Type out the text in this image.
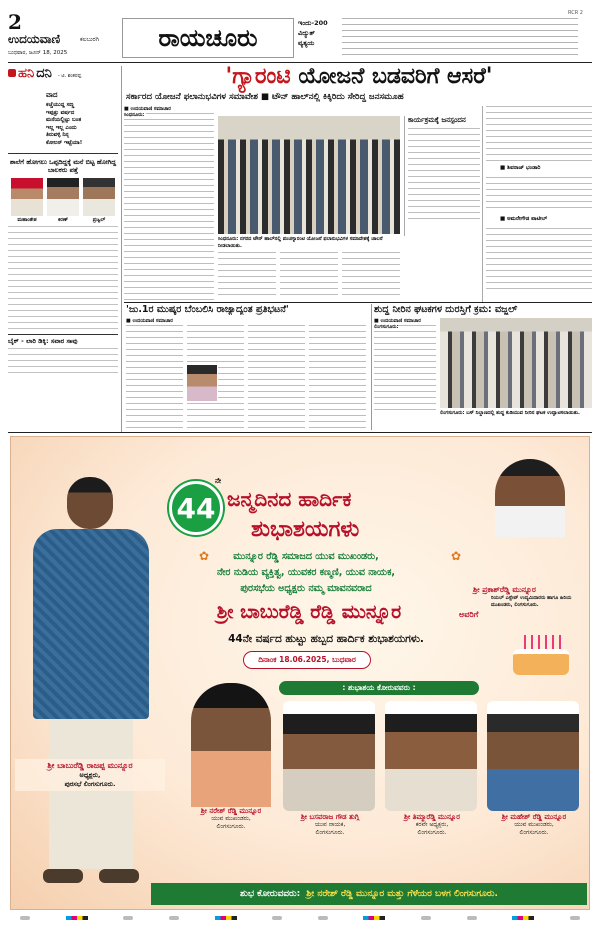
2
ಉದಯವಾಣಿ	ಕಲಬುರಗಿ
ಬುಧವಾರ, ಜೂನ್ 18, 2025
ರಾಯಚೂರು
ಇಂದು-200
ವಿದ್ಯುತ್
ವ್ಯತ್ಯಯ
RCR 2
ಹನಿ ದನಿ - ಟಿ. ಶಂಕರಪ್ಪ
ವಾದ
ಕಚ್ಚೆಯುದ್ದ ಸಣ್ಣ
ಇಪ್ಪತ್ತು ವರ್ಷದ
ಮನೆಯಲ್ಲಿಟ್ಟು ಬಂತ
ಇಲ್ಲ ಇಲ್ಲ ಎಂದು
ತಿರುವಳ್ಳಿ ನಿನ್ನ
ಕೋಲನ್ ಇಟ್ಟೆಯಾ!
ಶಾಲೆಗೆ ಹೋಗಲು ಒಪ್ಪದಿದ್ದಕ್ಕೆ ಮನೆ ಬಿಟ್ಟ ಹೋಗಿದ್ದ ಬಾಲಕರು ಪತ್ತೆ
ಮಹಾಂತೇಶ	ಕಿರಣ್	ಪ್ರಜ್ವಲ್
ಬೈಕ್ - ಲಾರಿ ಡಿಕ್ಕಿ: ಸವಾರ ಸಾವು
'ಗ್ಯಾರಂಟಿ ಯೋಜನೆ ಬಡವರಿಗೆ ಆಸರೆ'
ಸರ್ಕಾರದ ಯೋಜನೆ ಫಲಾನುಭವಿಗಳ ಸಮಾವೇಶ ■ ಟೌನ್ ಹಾಲ್‌ನಲ್ಲಿ ಕಿಕ್ಕಿರಿದು ಸೇರಿದ್ದ ಜನಸಮೂಹ
■ ಉದಯವಾಣಿ ಸಮಾಚಾರ
ಸಿಂಧನೂರು:
ಸಿಂಧನೂರು: ನಗರದ ಟೌನ್ ಹಾಲ್‌ನಲ್ಲಿ ಪಂಚಗ್ಯಾರಂಟಿ ಯೋಜನೆ ಫಲಾನುಭವಿಗಳ ಸಮಾವೇಶಕ್ಕೆ ಚಾಲನೆ ನೀಡಲಾಯಿತು.
ಕಾರ್ಯಕ್ರಮಕ್ಕೆ ಜನಸ್ಪಂದನ
■ ಶಿವರಾಜ್ ಭಂಡಾರಿ
■ ಅಮರೇಗೌಡ ಪಾಟೀಲ್
'ಜು.1ರ ಮುಷ್ಕರ ಬೆಂಬಲಿಸಿ ರಾಜ್ಯಾದ್ಯಂತ ಪ್ರತಿಭಟನೆ'
■ ಉದಯವಾಣಿ ಸಮಾಚಾರ
ಶುದ್ಧ ನೀರಿನ ಘಟಕಗಳ ದುರಸ್ತಿಗೆ ಕ್ರಮ: ವಜ್ಜಲ್
■ ಉದಯವಾಣಿ ಸಮಾಚಾರ
ಲಿಂಗಸುಗೂರು:
ಲಿಂಗಸುಗೂರು: ಬಸ್ ನಿಲ್ದಾಣದಲ್ಲಿ ಶುದ್ಧ ಕುಡಿಯುವ ನೀರಿನ ಘಟಕ ಉದ್ಘಾಟಿಸಲಾಯಿತು.
44
ನೇ
ಜನ್ಮದಿನದ ಹಾರ್ದಿಕ
ಶುಭಾಶಯಗಳು
✿	✿
ಮುನ್ನೂರ ರೆಡ್ಡಿ ಸಮಾಜದ ಯುವ ಮುಖಂಡರು,
ನೇರ ನುಡಿಯ ವ್ಯಕ್ತಿತ್ವ, ಯುವಕರ ಕಣ್ಮಣಿ, ಯುವ ನಾಯಕ,
ಪುರಸಭೆಯ ಅಧ್ಯಕ್ಷರು ನಮ್ಮ ಮಾವನವರಾದ
ಶ್ರೀ ಬಾಬುರೆಡ್ಡಿ ರೆಡ್ಡಿ ಮುನ್ನೂರ	ಅವರಿಗೆ
44ನೇ ವರ್ಷದ ಹುಟ್ಟು ಹಬ್ಬದ ಹಾರ್ದಿಕ ಶುಭಾಶಯಗಳು.
ದಿನಾಂಕ 18.06.2025, ಬುಧವಾರ
ಶ್ರೀ ಪ್ರಕಾಶ್‌ರೆಡ್ಡಿ ಮುನ್ನೂರ
ರಿಯಲ್ ಎಸ್ಟೇಟ್ ಉದ್ಯಮಿದಾರರು ಹಾಗೂ ಹಿರಿಯ ಮುಖಂಡರು, ಲಿಂಗಸುಗೂರು.
ಶ್ರೀ ಬಾಬುರೆಡ್ಡಿ ರಾಜಪ್ಪ ಮುನ್ನೂರ
ಅಧ್ಯಕ್ಷರು,
ಪುರಸಭೆ ಲಿಂಗಸುಗೂರು.
: ಶುಭಾಶಯ ಕೋರುವವರು :
ಶ್ರೀ ನರೇಶ್ ರೆಡ್ಡಿ ಮುನ್ನೂರ
ಯುವ ಮುಖಂಡರು,
ಲಿಂಗಸುಗೂರು.
ಶ್ರೀ ಬಸವರಾಜ ಗೌಡ ತುಗ್ಗಿ
ಯುವ ನಾಯಕ,
ಲಿಂಗಸುಗೂರು.
ಶ್ರೀ ತಿಮ್ಮಾರೆಡ್ಡಿ ಮುನ್ನೂರ
ಕರವೇ ಅಧ್ಯಕ್ಷರು,
ಲಿಂಗಸುಗೂರು.
ಶ್ರೀ ಮಹೇಶ್ ರೆಡ್ಡಿ ಮುನ್ನೂರ
ಯುವ ಮುಖಂಡರು,
ಲಿಂಗಸುಗೂರು.
ಶುಭ ಕೋರುವವರು: ಶ್ರೀ ನರೇಶ್ ರೆಡ್ಡಿ ಮುನ್ನೂರ ಮತ್ತು ಗೆಳೆಯರ ಬಳಗ ಲಿಂಗಸುಗೂರು.
